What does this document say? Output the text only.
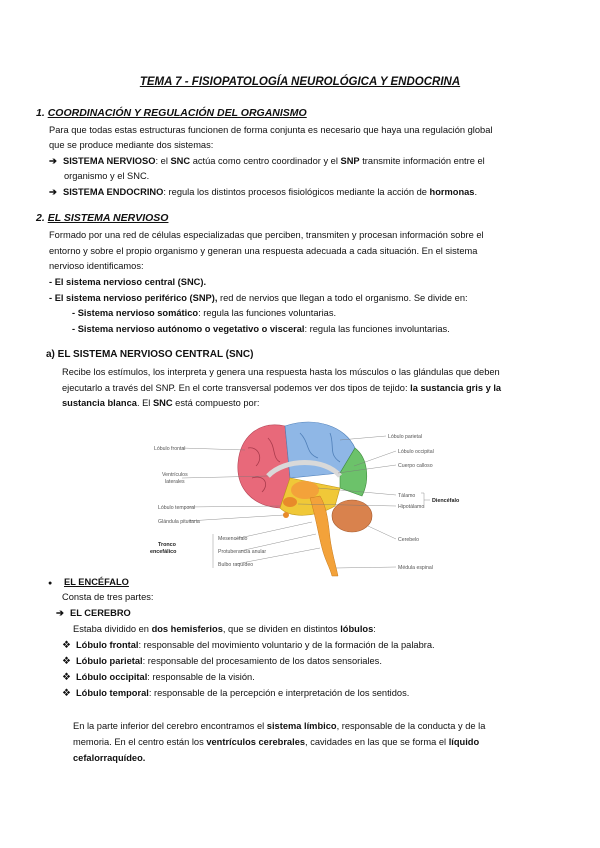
TEMA 7 - FISIOPATOLOGÍA NEUROLÓGICA Y ENDOCRINA
1. COORDINACIÓN Y REGULACIÓN DEL ORGANISMO
Para que todas estas estructuras funcionen de forma conjunta es necesario que haya una regulación global
que se produce mediante dos sistemas:
➔ SISTEMA NERVIOSO: el SNC actúa como centro coordinador y el SNP transmite información entre el
organismo y el SNC.
➔ SISTEMA ENDOCRINO: regula los distintos procesos fisiológicos mediante la acción de hormonas.
2. EL SISTEMA NERVIOSO
Formado por una red de células especializadas que perciben, transmiten y procesan información sobre el
entorno y sobre el propio organismo y generan una respuesta adecuada a cada situación. En el sistema
nervioso identificamos:
- El sistema nervioso central (SNC).
- El sistema nervioso periférico (SNP), red de nervios que llegan a todo el organismo. Se divide en:
- Sistema nervioso somático: regula las funciones voluntarias.
- Sistema nervioso autónomo o vegetativo o visceral: regula las funciones involuntarias.
a) EL SISTEMA NERVIOSO CENTRAL (SNC)
Recibe los estímulos, los interpreta y genera una respuesta hasta los músculos o las glándulas que deben
ejecutarlo a través del SNP. En el corte transversal podemos ver dos tipos de tejido: la sustancia gris y la
sustancia blanca. El SNC está compuesto por:
Lóbulo frontal
Ventrículos
laterales
Lóbulo temporal
Glándula pituitaria
Tronco
encefálico
Mesencéfalo
Protuberancia anular
Bulbo raquídeo
Lóbulo parietal
Lóbulo occipital
Cuerpo calloso
Tálamo
Hipotálamo
Diencéfalo
Cerebelo
Médula espinal
● EL ENCÉFALO
Consta de tres partes:
➔ EL CEREBRO
Estaba dividido en dos hemisferios, que se dividen en distintos lóbulos:
❖ Lóbulo frontal: responsable del movimiento voluntario y de la formación de la palabra.
❖ Lóbulo parietal: responsable del procesamiento de los datos sensoriales.
❖ Lóbulo occipital: responsable de la visión.
❖ Lóbulo temporal: responsable de la percepción e interpretación de los sentidos.
En la parte inferior del cerebro encontramos el sistema límbico, responsable de la conducta y de la
memoria. En el centro están los ventrículos cerebrales, cavidades en las que se forma el líquido
cefalorraquídeo.
